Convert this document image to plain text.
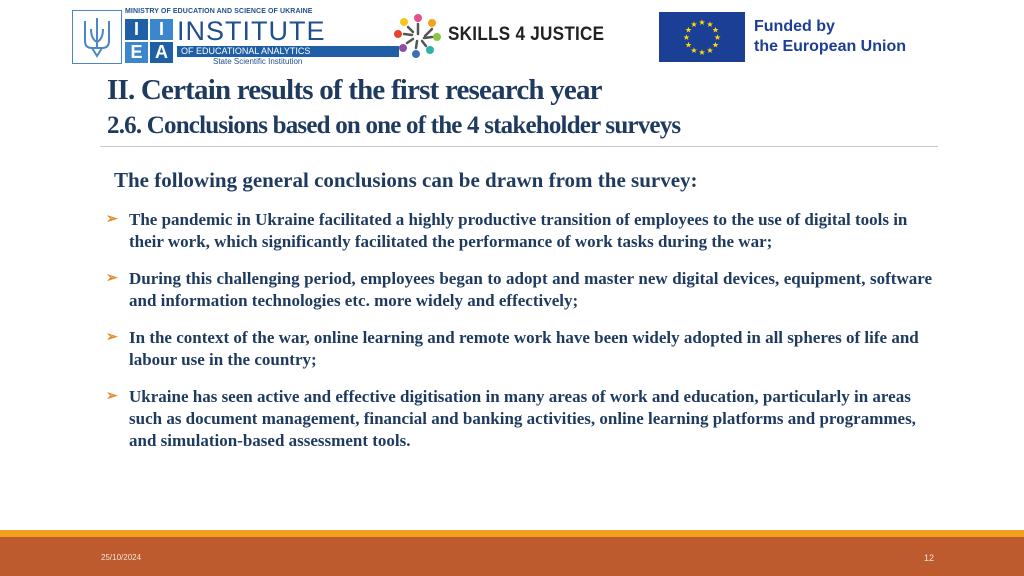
MINISTRY OF EDUCATION AND SCIENCE OF UKRAINE
I	I
E A
INSTITUTE
OF EDUCATIONAL ANALYTICS
State Scientific Institution
SKILLS 4 JUSTICE
★ ★
★
★
★
★
★
★
★
★
★
★	Funded by
the European Union
II. Certain results of the first research year
2.6. Conclusions based on one of the 4 stakeholder surveys
The following general conclusions can be drawn from the survey:
➢ The pandemic in Ukraine facilitated a highly productive transition of employees to the use of digital tools in their work, which significantly facilitated the performance of work tasks during the war;
➢ During this challenging period, employees began to adopt and master new digital devices, equipment, software and information technologies etc. more widely and effectively;
➢ In the context of the war, online learning and remote work have been widely adopted in all spheres of life and labour use in the country;
➢ Ukraine has seen active and effective digitisation in many areas of work and education, particularly in areas such as document management, financial and banking activities, online learning platforms and programmes, and simulation-based assessment tools.
25/10/2024	12
